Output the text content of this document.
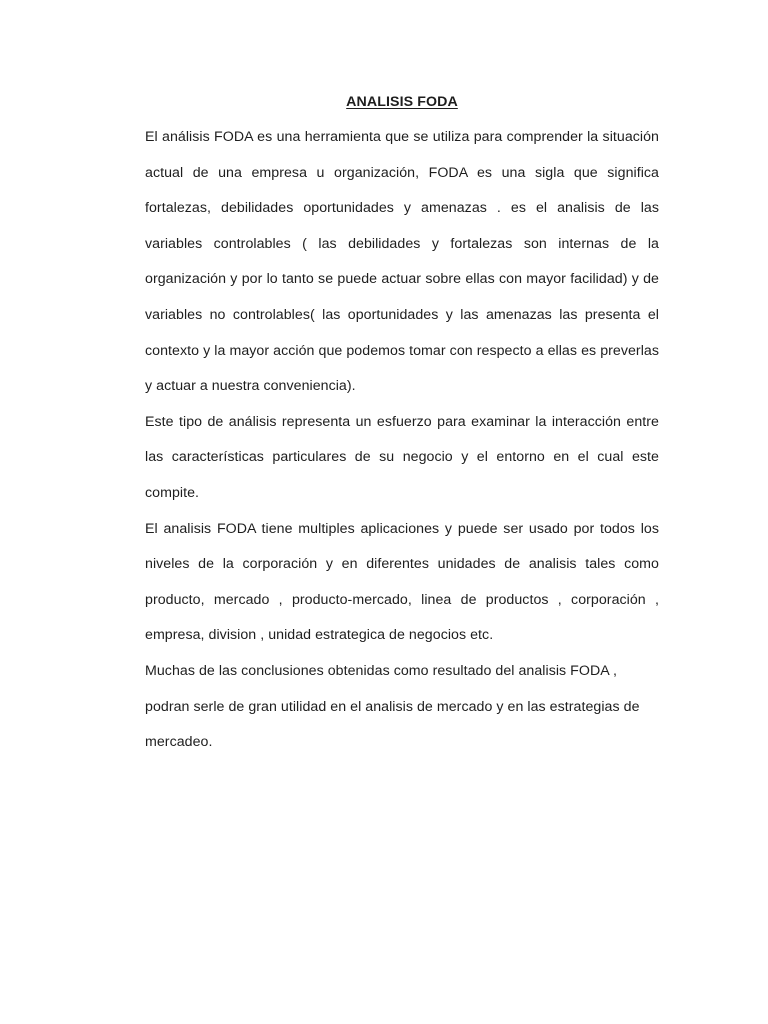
ANALISIS FODA

El análisis FODA es una herramienta que se utiliza para comprender la situación actual de una empresa u organización, FODA es una sigla que significa fortalezas, debilidades oportunidades y amenazas . es el analisis de las variables controlables ( las debilidades y fortalezas son internas de la organización y por lo tanto se puede actuar sobre ellas con mayor facilidad) y de variables no controlables( las oportunidades y las amenazas las presenta el contexto y la mayor acción que podemos tomar con respecto a ellas es preverlas y actuar a nuestra conveniencia).

Este tipo de análisis representa un esfuerzo para examinar la interacción entre las características particulares de su negocio y el entorno en el cual este compite.

El analisis FODA tiene multiples aplicaciones y puede ser usado por todos los niveles de la corporación y en diferentes unidades de analisis tales como producto, mercado , producto-mercado, linea de productos , corporación , empresa, division , unidad estrategica de negocios etc.

Muchas de las conclusiones obtenidas como resultado del analisis FODA , podran serle de gran utilidad en el analisis de mercado y en las estrategias de mercadeo.
